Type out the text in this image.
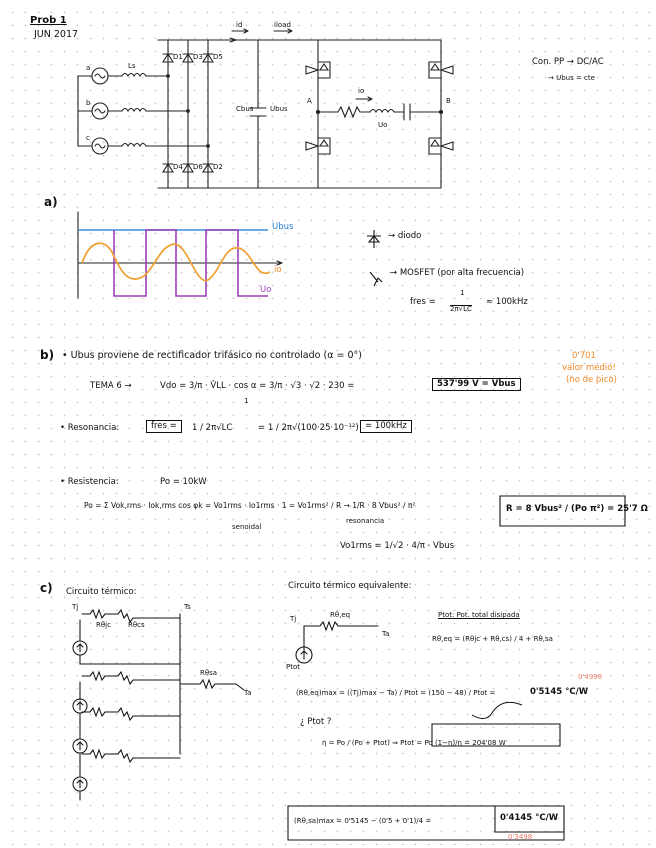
Prob 1
JUN 2017
a
b
c
Ls
D1 D3 D5
D4 D6 D2
id	iload
Cbus Ubus
A	B
io
Uo
Con. PP → DC/AC
→ Ubus = cte
a)
Ubus
io
Uo
→ diodo
→ MOSFET (por alta frecuencia)
fres =
1
2π√LC
≈ 100kHz
b) • Ubus proviene de rectificador trifásico no controlado (α = 0°)	0'701
valor medio!
(no de pico)
TEMA 6 →	Vdo = 3/π · V̂LL · cos α = 3/π · √3 · √2 · 230 =	537'99 V = Vbus
1
• Resonancia:	fres =	1 / 2π√LC	= 1 / 2π√(100·25·10⁻¹²) = 100kHz
• Resistencia:	Po = 10kW
Po = Σ Vok,rms · Iok,rms cos φk = Vo1rms · Io1rms · 1 = Vo1rms² / R → 1/R · 8 Vbus² / π²
resonancia
senoidal
R = 8 Vbus² / (Po π²) = 25'7 Ω
Vo1rms = 1/√2 · 4/π · Vbus
c) Circuito térmico:
Circuito térmico equivalente:
Tj
Rθjc Rθcs
Ts
Rθsa
Ta
Tj	Rθ,eq
Ta
Ptot
Ptot: Pot. total disipada
Rθ,eq = (Rθjc + Rθ,cs) / 4 + Rθ,sa
(Rθ,eq)max = ((Tj)max − Ta) / Ptot = (150 − 48) / Ptot =	0'5145 °C/W
0'4998
¿ Ptot ?
η = Po / (Po + Ptot) ⇒ Ptot = Po (1−η)/η = 204'08 W
(Rθ,sa)max = 0'5145 − (0'5 + 0'1)/4 =	0'4145 °C/W
0'3498
